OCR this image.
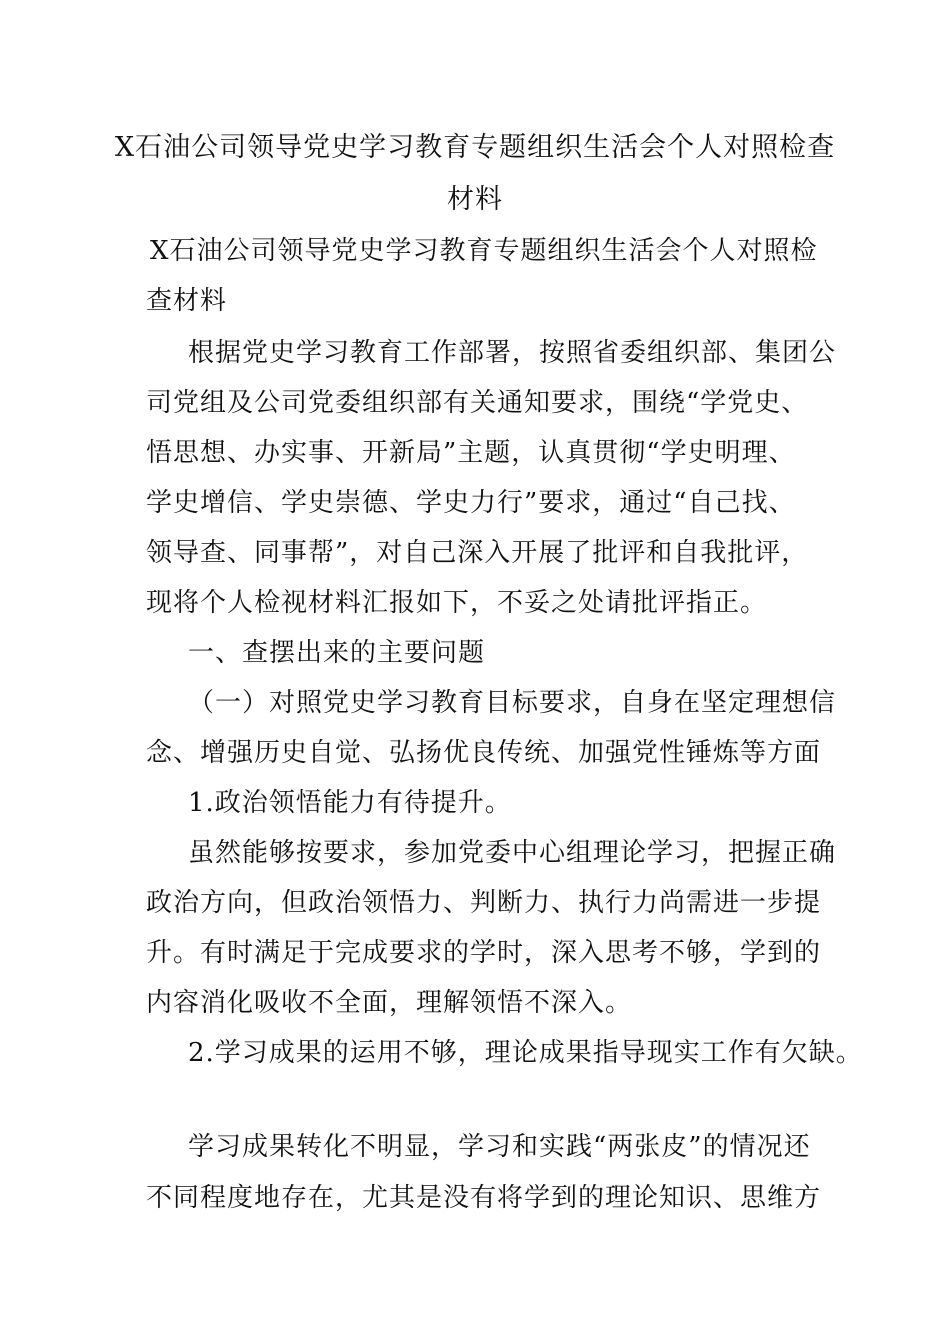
X石油公司领导党史学习教育专题组织生活会个人对照检查
材料
X石油公司领导党史学习教育专题组织生活会个人对照检
查材料
根据党史学习教育工作部署，按照省委组织部、集团公
司党组及公司党委组织部有关通知要求，围绕“学党史、
悟思想、办实事、开新局”主题，认真贯彻“学史明理、
学史增信、学史崇德、学史力行”要求，通过“自己找、
领导查、同事帮”，对自己深入开展了批评和自我批评，
现将个人检视材料汇报如下，不妥之处请批评指正。
一、查摆出来的主要问题
（一）对照党史学习教育目标要求，自身在坚定理想信
念、增强历史自觉、弘扬优良传统、加强党性锤炼等方面
1.政治领悟能力有待提升。
虽然能够按要求，参加党委中心组理论学习，把握正确
政治方向，但政治领悟力、判断力、执行力尚需进一步提
升。有时满足于完成要求的学时，深入思考不够，学到的
内容消化吸收不全面，理解领悟不深入。
2.学习成果的运用不够，理论成果指导现实工作有欠缺。
学习成果转化不明显，学习和实践“两张皮”的情况还
不同程度地存在，尤其是没有将学到的理论知识、思维方
